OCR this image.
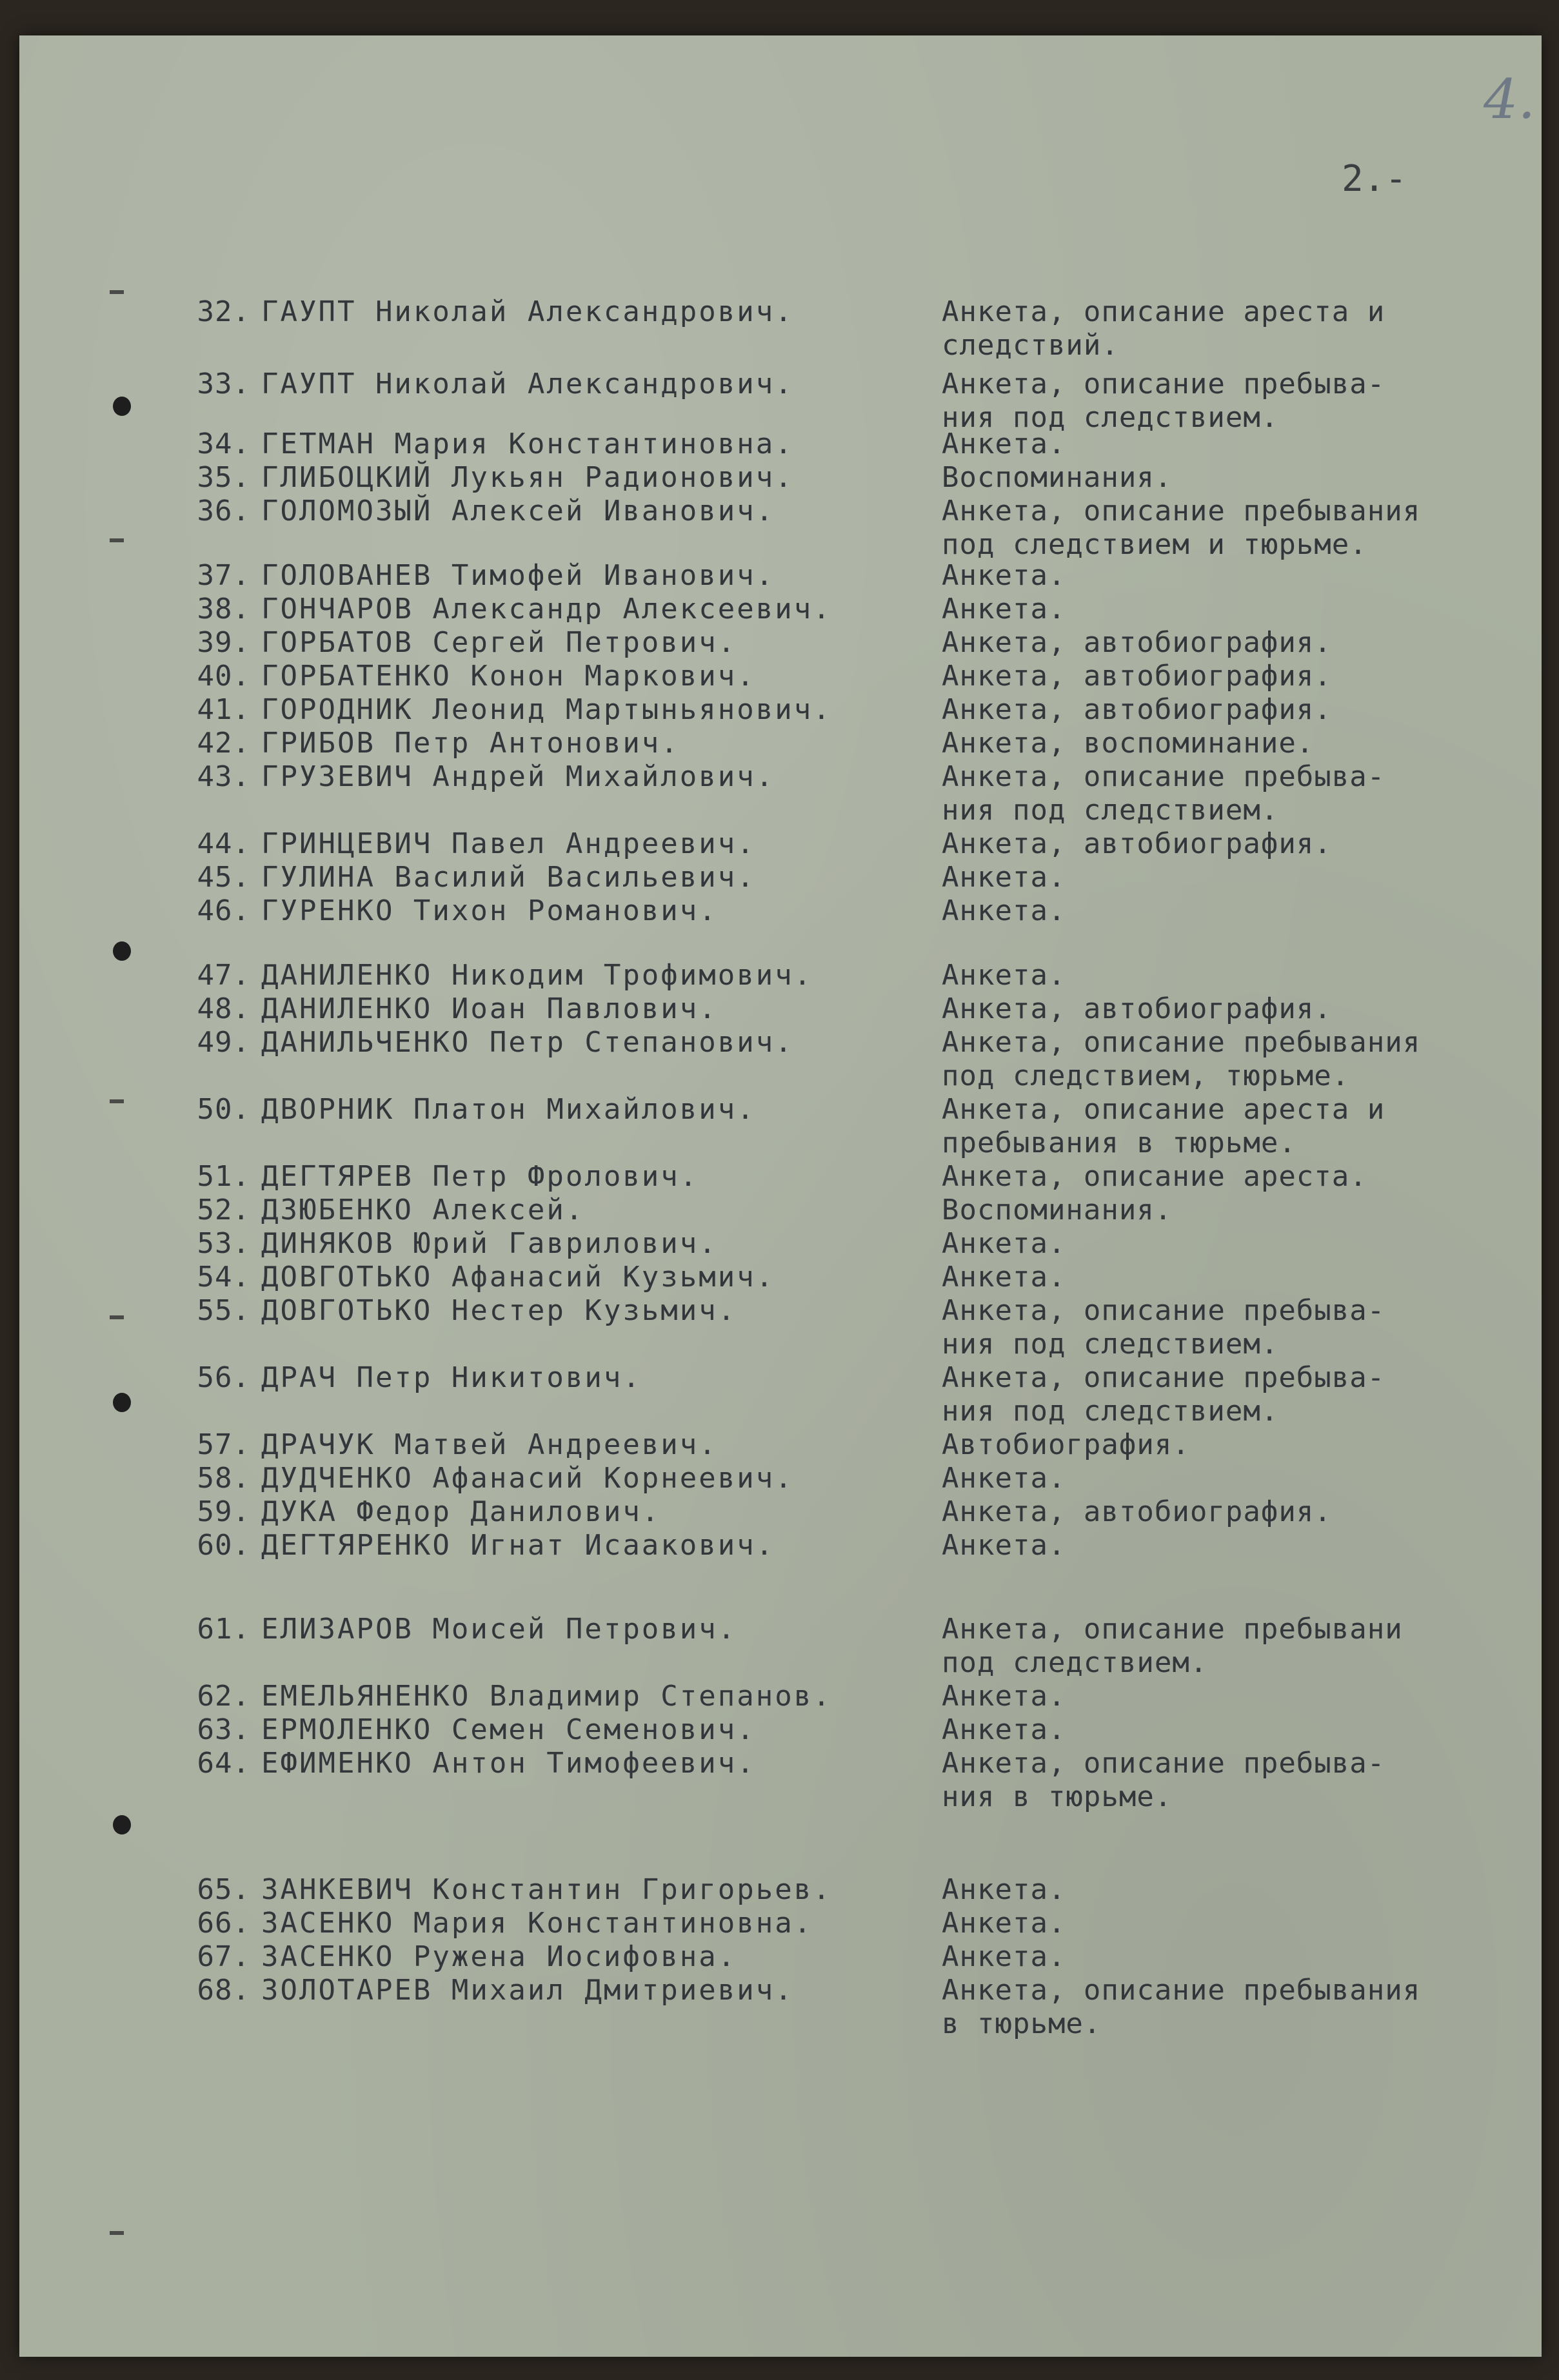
4.

2.-

32. ГАУПТ Николай Александрович.	Анкета, описание ареста и
следствий.
33. ГАУПТ Николай Александрович.	Анкета, описание пребыва-
ния под следствием.
34. ГЕТМАН Мария Константиновна.	Анкета.
35. ГЛИБОЦКИЙ Лукьян Радионович.	Воспоминания.
36. ГОЛОМОЗЫЙ Алексей Иванович.	Анкета, описание пребывания
под следствием и тюрьме.
37. ГОЛОВАНЕВ Тимофей Иванович.	Анкета.
38. ГОНЧАРОВ Александр Алексеевич.	Анкета.
39. ГОРБАТОВ Сергей Петрович.	Анкета, автобиография.
40. ГОРБАТЕНКО Конон Маркович.	Анкета, автобиография.
41. ГОРОДНИК Леонид Мартыньянович.	Анкета, автобиография.
42. ГРИБОВ Петр Антонович.	Анкета, воспоминание.
43. ГРУЗЕВИЧ Андрей Михайлович.	Анкета, описание пребыва-
ния под следствием.
44. ГРИНЦЕВИЧ Павел Андреевич.	Анкета, автобиография.
45. ГУЛИНА Василий Васильевич.	Анкета.
46. ГУРЕНКО Тихон Романович.	Анкета.
47. ДАНИЛЕНКО Никодим Трофимович.	Анкета.
48. ДАНИЛЕНКО Иоан Павлович.	Анкета, автобиография.
49. ДАНИЛЬЧЕНКО Петр Степанович.	Анкета, описание пребывания
под следствием, тюрьме.
50. ДВОРНИК Платон Михайлович.	Анкета, описание ареста и
пребывания в тюрьме.
51. ДЕГТЯРЕВ Петр Фролович.	Анкета, описание ареста.
52. ДЗЮБЕНКО Алексей.	Воспоминания.
53. ДИНЯКОВ Юрий Гаврилович.	Анкета.
54. ДОВГОТЬКО Афанасий Кузьмич.	Анкета.
55. ДОВГОТЬКО Нестер Кузьмич.	Анкета, описание пребыва-
ния под следствием.
56. ДРАЧ Петр Никитович.	Анкета, описание пребыва-
ния под следствием.
57. ДРАЧУК Матвей Андреевич.	Автобиография.
58. ДУДЧЕНКО Афанасий Корнеевич.	Анкета.
59. ДУКА Федор Данилович.	Анкета, автобиография.
60. ДЕГТЯРЕНКО Игнат Исаакович.	Анкета.
61. ЕЛИЗАРОВ Моисей Петрович.	Анкета, описание пребывани
под следствием.
62. ЕМЕЛЬЯНЕНКО Владимир Степанов.	Анкета.
63. ЕРМОЛЕНКО Семен Семенович.	Анкета.
64. ЕФИМЕНКО Антон Тимофеевич.	Анкета, описание пребыва-
ния в тюрьме.
65. ЗАНКЕВИЧ Константин Григорьев.	Анкета.
66. ЗАСЕНКО Мария Константиновна.	Анкета.
67. ЗАСЕНКО Ружена Иосифовна.	Анкета.
68. ЗОЛОТАРЕВ Михаил Дмитриевич.	Анкета, описание пребывания
в тюрьме.
